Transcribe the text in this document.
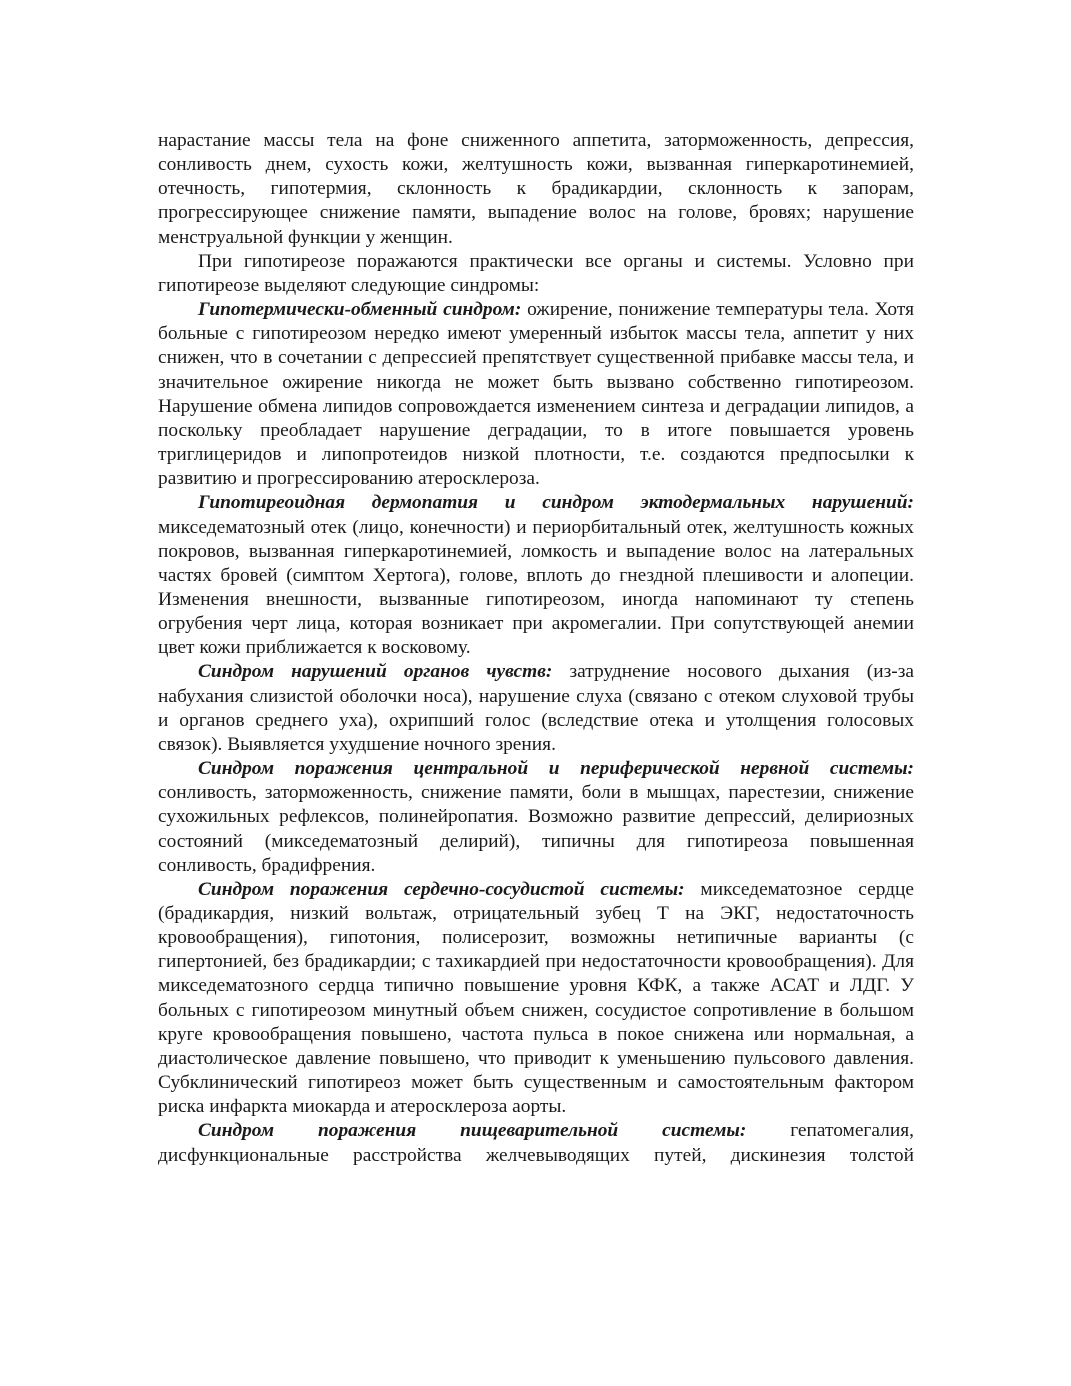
нарастание массы тела на фоне сниженного аппетита, заторможенность, депрессия, сонливость днем, сухость кожи, желтушность кожи, вызванная гиперкаротинемией, отечность, гипотермия, склонность к брадикардии, склонность к запорам, прогрессирующее снижение памяти, выпадение волос на голове, бровях; нарушение менструальной функции у женщин.

При гипотиреозе поражаются практически все органы и системы. Условно при гипотиреозе выделяют следующие синдромы:

Гипотермически-обменный синдром: ожирение, понижение температуры тела. Хотя больные с гипотиреозом нередко имеют умеренный избыток массы тела, аппетит у них снижен, что в сочетании с депрессией препятствует существенной прибавке массы тела, и значительное ожирение никогда не может быть вызвано собственно гипотиреозом. Нарушение обмена липидов сопровождается изменением синтеза и деградации липидов, а поскольку преобладает нарушение деградации, то в итоге повышается уровень триглицеридов и липопротеидов низкой плотности, т.е. создаются предпосылки к развитию и прогрессированию атеросклероза.

Гипотиреоидная дермопатия и синдром эктодермальных нарушений: микседематозный отек (лицо, конечности) и периорбитальный отек, желтушность кожных покровов, вызванная гиперкаротинемией, ломкость и выпадение волос на латеральных частях бровей (симптом Хертога), голове, вплоть до гнездной плешивости и алопеции. Изменения внешности, вызванные гипотиреозом, иногда напоминают ту степень огрубения черт лица, которая возникает при акромегалии. При сопутствующей анемии цвет кожи приближается к восковому.

Синдром нарушений органов чувств: затруднение носового дыхания (из-за набухания слизистой оболочки носа), нарушение слуха (связано с отеком слуховой трубы и органов среднего уха), охрипший голос (вследствие отека и утолщения голосовых связок). Выявляется ухудшение ночного зрения.

Синдром поражения центральной и периферической нервной системы: сонливость, заторможенность, снижение памяти, боли в мышцах, парестезии, снижение сухожильных рефлексов, полинейропатия. Возможно развитие депрессий, делириозных состояний (микседематозный делирий), типичны для гипотиреоза повышенная сонливость, брадифрения.

Синдром поражения сердечно-сосудистой системы: микседематозное сердце (брадикардия, низкий вольтаж, отрицательный зубец Т на ЭКГ, недостаточность кровообращения), гипотония, полисерозит, возможны нетипичные варианты (с гипертонией, без брадикардии; с тахикардией при недостаточности кровообращения). Для микседематозного сердца типично повышение уровня КФК, а также АСАТ и ЛДГ. У больных с гипотиреозом минутный объем снижен, сосудистое сопротивление в большом круге кровообращения повышено, частота пульса в покое снижена или нормальная, а диастолическое давление повышено, что приводит к уменьшению пульсового давления. Субклинический гипотиреоз может быть существенным и самостоятельным фактором риска инфаркта миокарда и атеросклероза аорты.

Синдром поражения пищеварительной системы: гепатомегалия, дисфункциональные расстройства желчевыводящих путей, дискинезия толстой
